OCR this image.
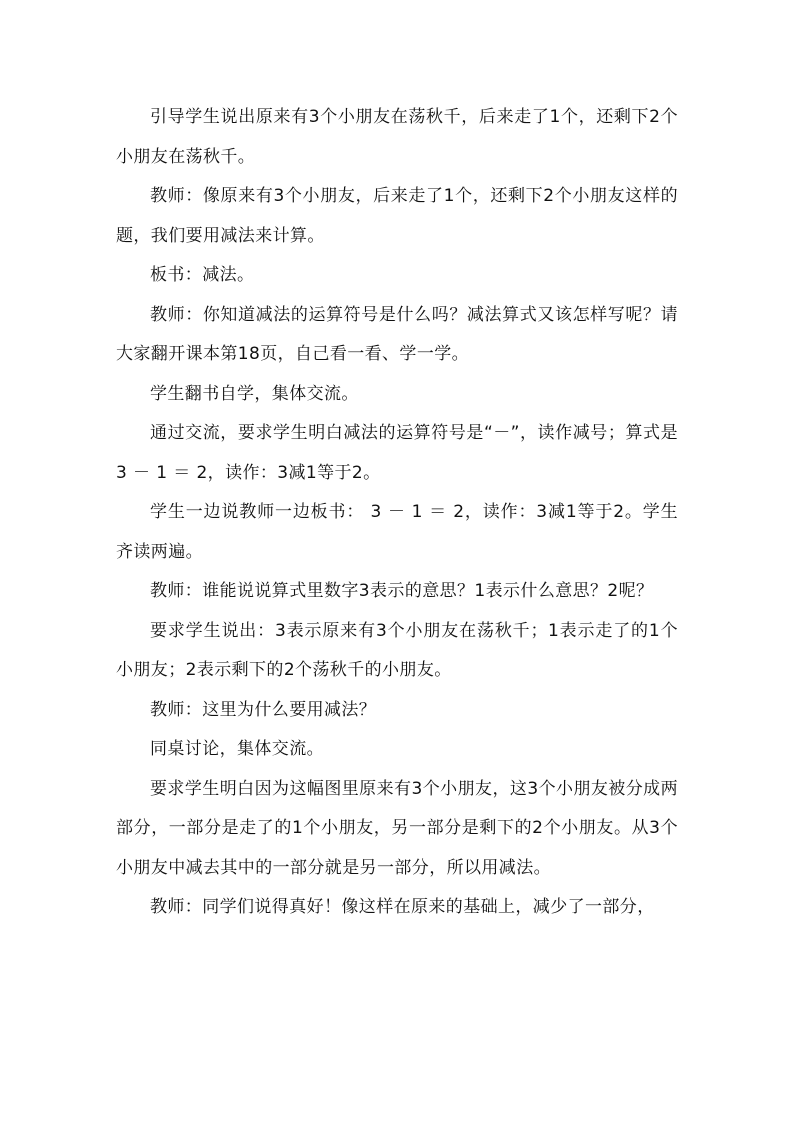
引导学生说出原来有3个小朋友在荡秋千，后来走了1个，还剩下2个小朋友在荡秋千。

教师：像原来有3个小朋友，后来走了1个，还剩下2个小朋友这样的题，我们要用减法来计算。

板书：减法。

教师：你知道减法的运算符号是什么吗？减法算式又该怎样写呢？请大家翻开课本第18页，自己看一看、学一学。

学生翻书自学，集体交流。

通过交流，要求学生明白减法的运算符号是“－”，读作减号；算式是 3 － 1 ＝ 2，读作：3减1等于2。

学生一边说教师一边板书： 3 － 1 ＝ 2，读作：3减1等于2。学生齐读两遍。

教师：谁能说说算式里数字3表示的意思？1表示什么意思？2呢？

要求学生说出：3表示原来有3个小朋友在荡秋千；1表示走了的1个小朋友；2表示剩下的2个荡秋千的小朋友。

教师：这里为什么要用减法？

同桌讨论，集体交流。

要求学生明白因为这幅图里原来有3个小朋友，这3个小朋友被分成两部分，一部分是走了的1个小朋友，另一部分是剩下的2个小朋友。从3个小朋友中减去其中的一部分就是另一部分，所以用减法。

教师：同学们说得真好！像这样在原来的基础上，减少了一部分，
